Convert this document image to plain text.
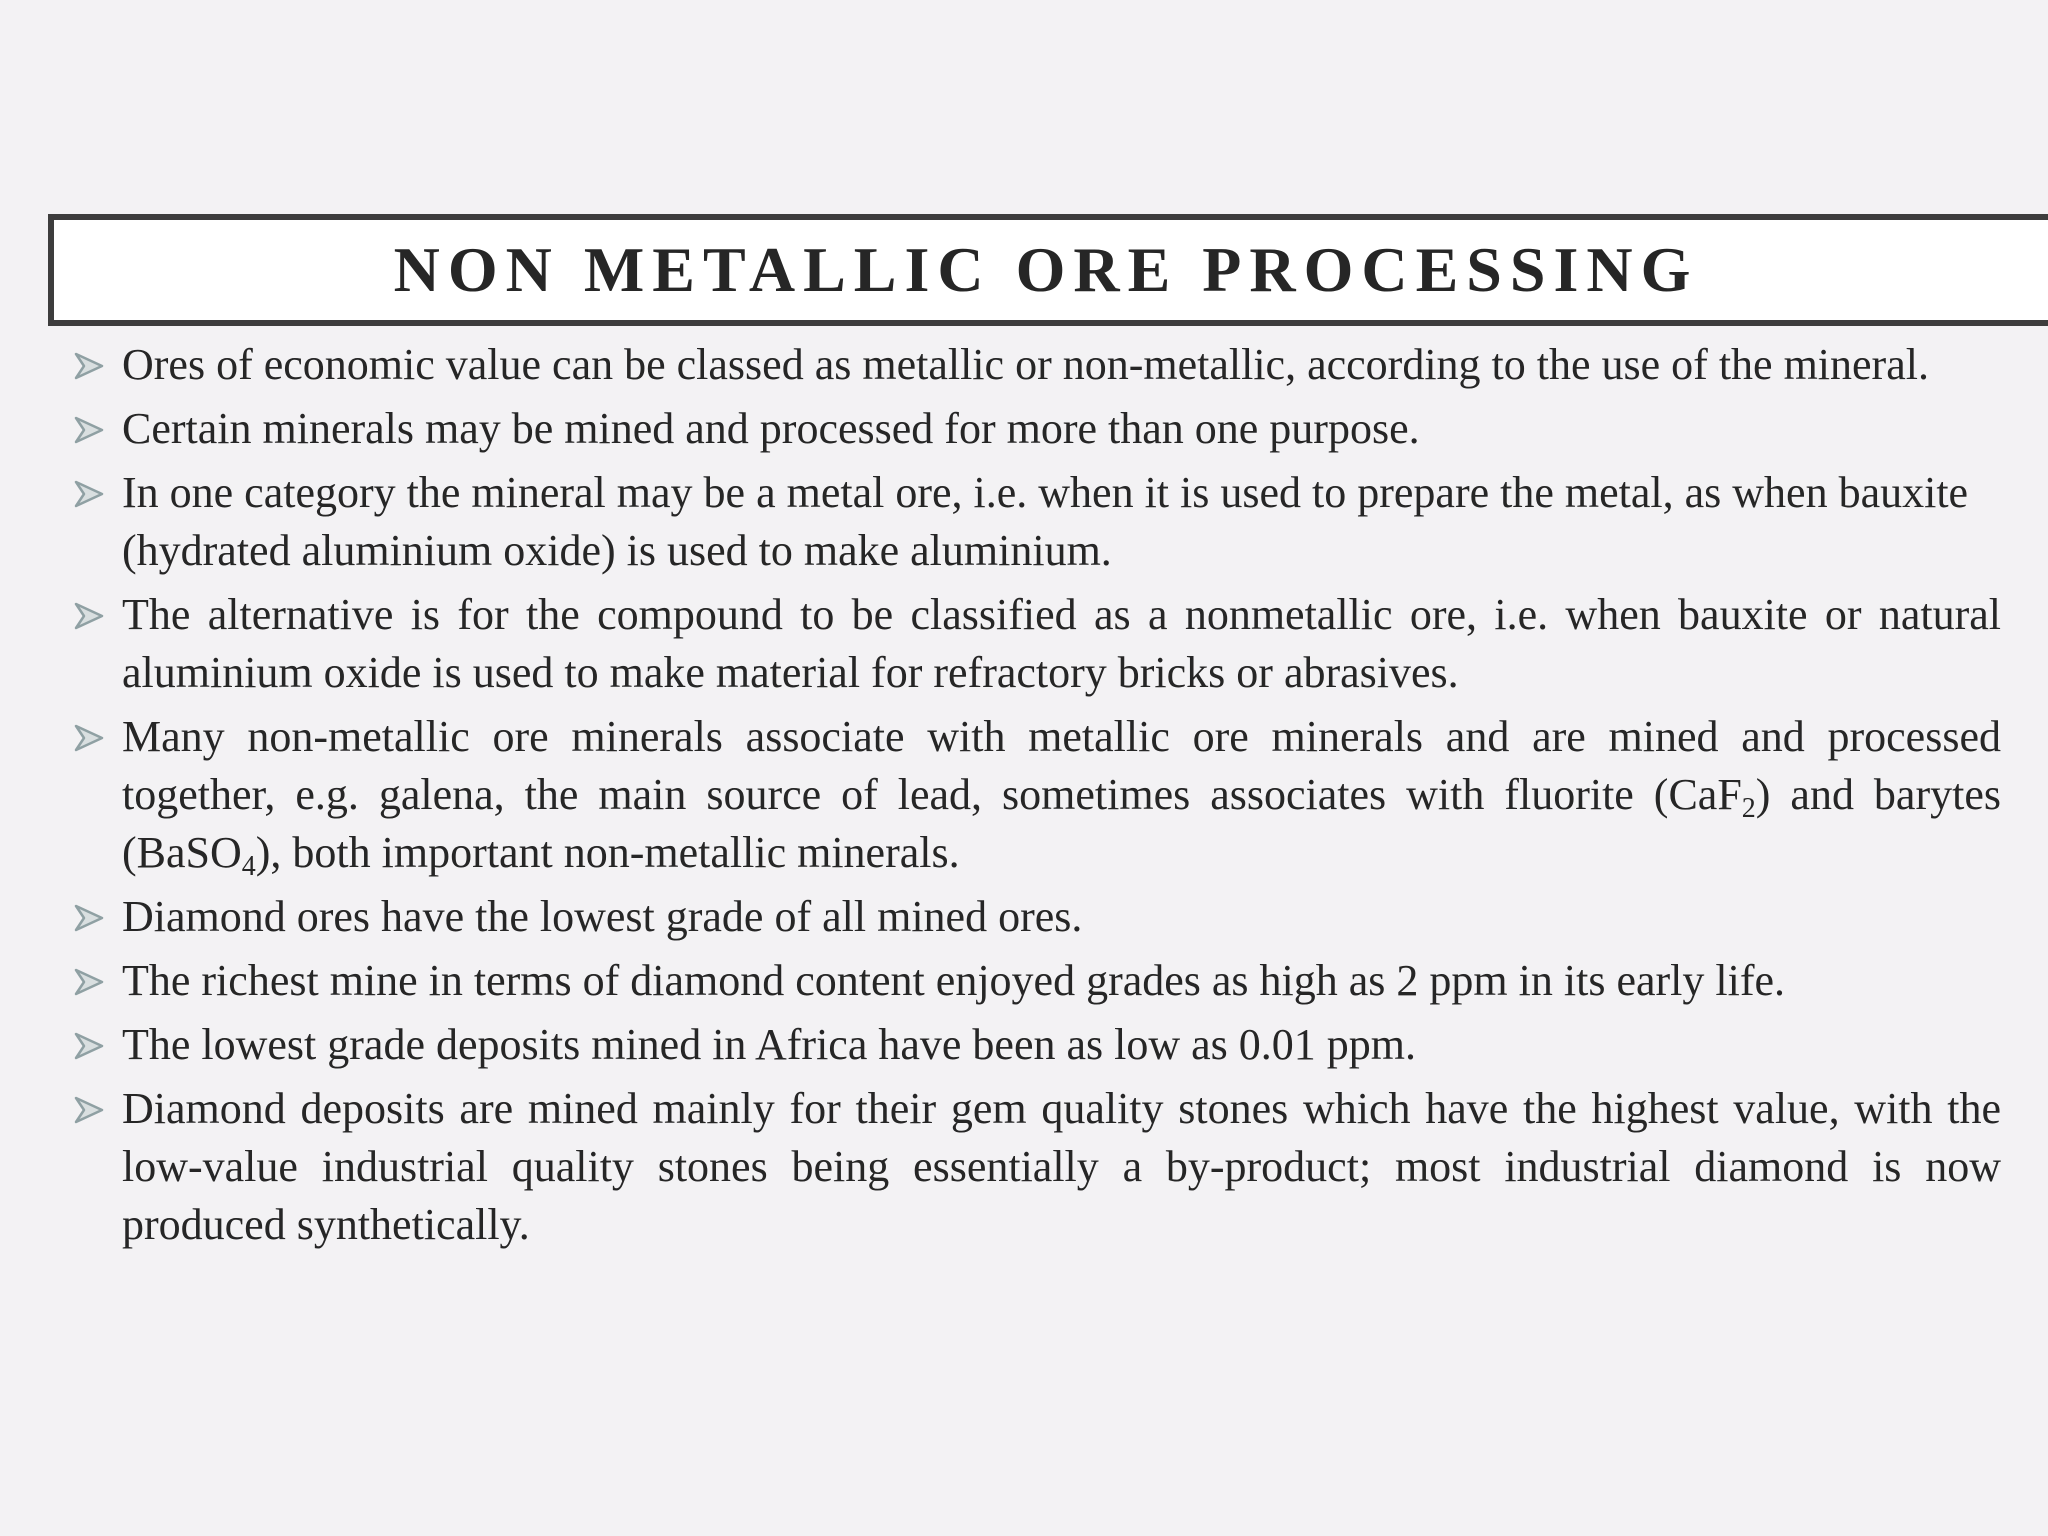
NON METALLIC ORE PROCESSING
Ores of economic value can be classed as metallic or non-metallic, according to the use of the mineral.
Certain minerals may be mined and processed for more than one purpose.
In one category the mineral may be a metal ore, i.e. when it is used to prepare the metal, as when bauxite (hydrated aluminium oxide) is used to make aluminium.
The alternative is for the compound to be classified as a nonmetallic ore, i.e. when bauxite or natural aluminium oxide is used to make material for refractory bricks or abrasives.
Many non-metallic ore minerals associate with metallic ore minerals and are mined and processed together, e.g. galena, the main source of lead, sometimes associates with fluorite (CaF$_2$) and barytes (BaSO$_4$), both important non-metallic minerals.
Diamond ores have the lowest grade of all mined ores.
The richest mine in terms of diamond content enjoyed grades as high as 2 ppm in its early life.
The lowest grade deposits mined in Africa have been as low as 0.01 ppm.
Diamond deposits are mined mainly for their gem quality stones which have the highest value, with the low-value industrial quality stones being essentially a by-product; most industrial diamond is now produced synthetically.
